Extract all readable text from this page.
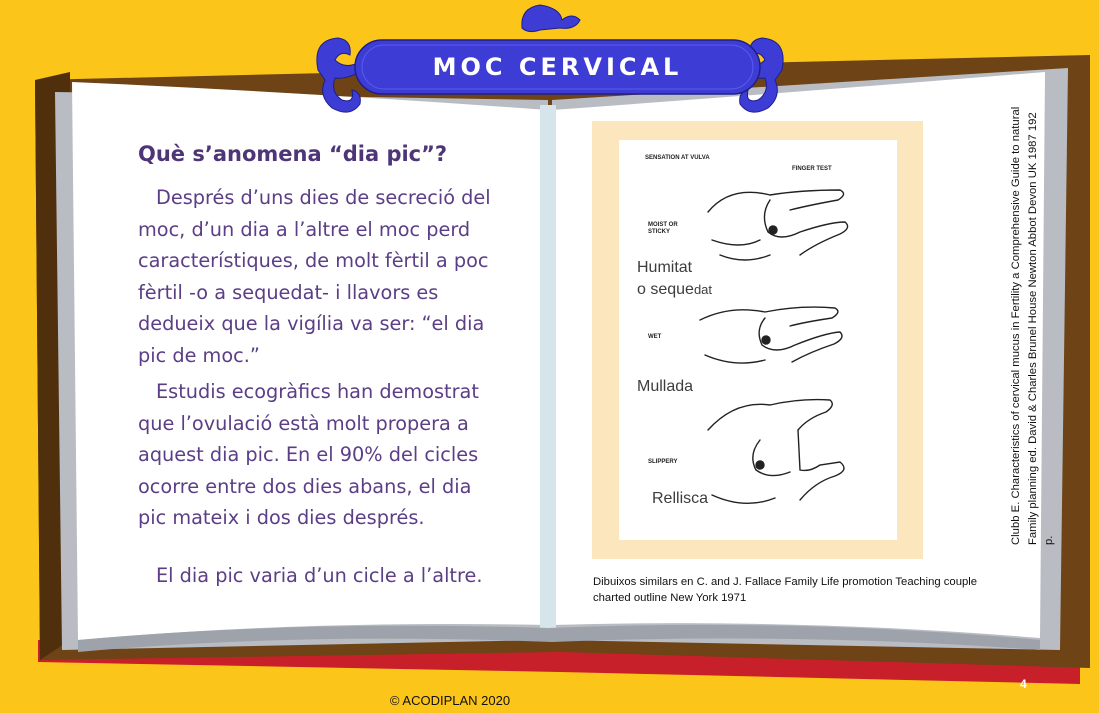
MOC CERVICAL
Què s’anomena “dia pic”?

Després d’uns dies de secreció del

moc, d’un dia a l’altre el moc perd

característiques, de molt fèrtil a poc

fèrtil -o a sequedat- i llavors es

dedueix que la vigília va ser: “el dia

pic de moc.”

Estudis ecogràfics han demostrat

que l’ovulació està molt propera a

aquest dia pic. En el 90% del cicles

ocorre entre dos dies abans, el dia

pic mateix i dos dies després.

El dia pic varia d’un cicle a l’altre.

SENSATION AT VULVA
FINGER TEST
MOIST OR STICKY
WET
SLIPPERY
Humitat
o sequedat
Mullada
Rellisca
Dibuixos similars en C. and J. Fallace Family Life promotion Teaching couple charted outline New York 1971
Clubb E. Characteristics of cervical mucus in Fertility a Comprehensive Guide to natural Family planning ed. David & Charles Brunel House Newton Abbot Devon UK 1987 192 p.
© ACODIPLAN 2020
4
